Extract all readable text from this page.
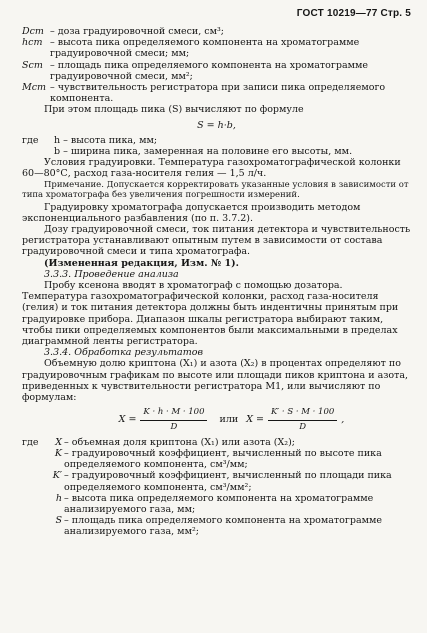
ГОСТ 10219—77 Стр. 5
Dст – доза градуировочной смеси, см³;
hст – высота пика определяемого компонента на хроматограмме градуировочной смеси; мм;
Sст – площадь пика определяемого компонента на хроматограмме градуировочной смеси, мм²;
Mст – чувствительность регистратора при записи пика определяемого компонента.

При этом площадь пика (S) вычисляют по формуле

S = h·b,

где	h – высота пика, мм;
b – ширина пика, замеренная на половине его высоты, мм.

Условия градуировки. Температура газохроматографической колонки 60—80°С, расход газа-носителя гелия — 1,5 л/ч.

Примечание. Допускается корректировать указанные условия в зависимости от типа хроматографа без увеличения погрешности измерений.

Градуировку хроматографа допускается производить методом экспоненциального разбавления (по п. 3.7.2).

Дозу градуировочной смеси, ток питания детектора и чувствительность регистратора устанавливают опытным путем в зависимости от состава градуировочной смеси и типа хроматографа.

(Измененная редакция, Изм. № 1).

3.3.3. Проведение анализа

Пробу ксенона вводят в хроматограф с помощью дозатора. Температура газохроматографической колонки, расход газа-носителя (гелия) и ток питания детектора должны быть индентичны принятым при градуировке прибора. Диапазон шкалы регистратора выбирают таким, чтобы пики определяемых компонентов были максимальными в пределах диаграммной ленты регистратора.

3.3.4. Обработка результатов

Объемную долю криптона (X₁) и азота (X₂) в процентах определяют по градуировочным графикам по высоте или площади пиков криптона и азота, приведенных к чувствительности регистратора M1, или вычисляют по формулам:

$X = \frac{K \cdot h \cdot M \cdot 100}{D}$ или $X = \frac{K' \cdot S \cdot M \cdot 100}{D}$ ,
где	X – объемная доля криптона (X₁) или азота (X₂);
K – градуировочный коэффициент, вычисленный по высоте пика определяемого компонента, см³/мм;
K′ – градуировочный коэффициент, вычисленный по площади пика определяемого компонента, см³/мм²;
h – высота пика определяемого компонента на хроматограмме анализируемого газа, мм;
S – площадь пика определяемого компонента на хроматограмме анализируемого газа, мм²;
